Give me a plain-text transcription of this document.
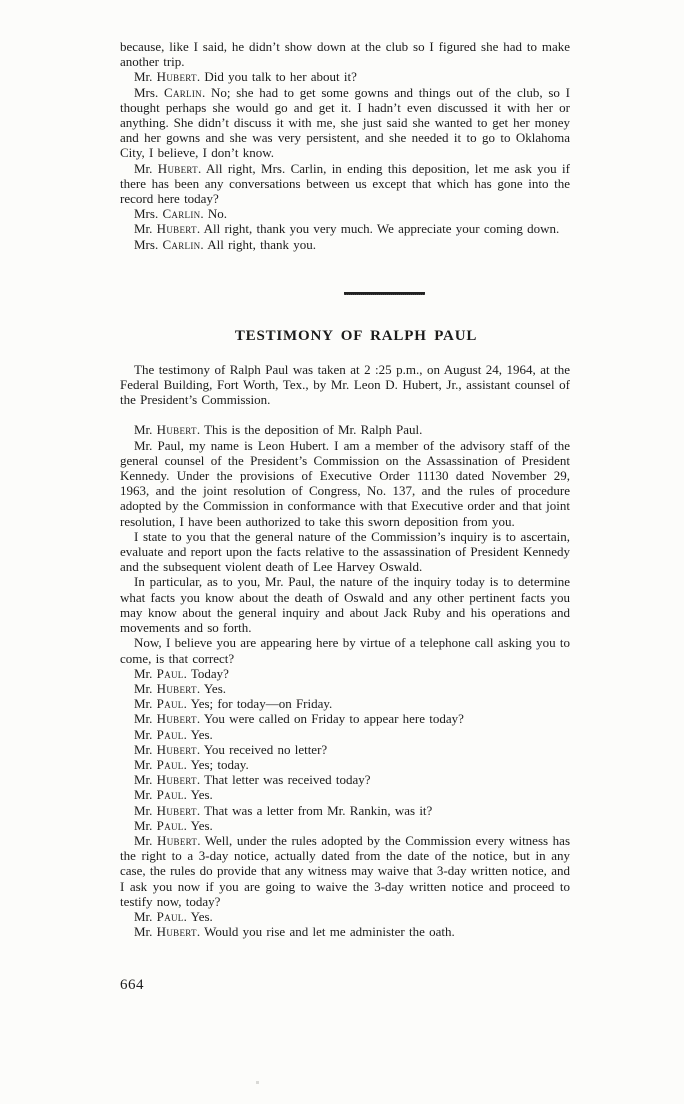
because, like I said, he didn’t show down at the club so I figured she had to make another trip.

Mr. Hubert. Did you talk to her about it?

Mrs. Carlin. No; she had to get some gowns and things out of the club, so I thought perhaps she would go and get it. I hadn’t even discussed it with her or anything. She didn’t discuss it with me, she just said she wanted to get her money and her gowns and she was very persistent, and she needed it to go to Oklahoma City, I believe, I don’t know.

Mr. Hubert. All right, Mrs. Carlin, in ending this deposition, let me ask you if there has been any conversations between us except that which has gone into the record here today?

Mrs. Carlin. No.

Mr. Hubert. All right, thank you very much. We appreciate your coming down.

Mrs. Carlin. All right, thank you.

TESTIMONY OF RALPH PAUL

The testimony of Ralph Paul was taken at 2 :25 p.m., on August 24, 1964, at the Federal Building, Fort Worth, Tex., by Mr. Leon D. Hubert, Jr., assistant counsel of the President’s Commission.

Mr. Hubert. This is the deposition of Mr. Ralph Paul.

Mr. Paul, my name is Leon Hubert. I am a member of the advisory staff of the general counsel of the President’s Commission on the Assassination of President Kennedy. Under the provisions of Executive Order 11130 dated November 29, 1963, and the joint resolution of Congress, No. 137, and the rules of procedure adopted by the Commission in conformance with that Executive order and that joint resolution, I have been authorized to take this sworn deposition from you.

I state to you that the general nature of the Commission’s inquiry is to ascertain, evaluate and report upon the facts relative to the assassination of President Kennedy and the subsequent violent death of Lee Harvey Oswald.

In particular, as to you, Mr. Paul, the nature of the inquiry today is to determine what facts you know about the death of Oswald and any other pertinent facts you may know about the general inquiry and about Jack Ruby and his operations and movements and so forth.

Now, I believe you are appearing here by virtue of a telephone call asking you to come, is that correct?

Mr. Paul. Today?

Mr. Hubert. Yes.

Mr. Paul. Yes; for today—on Friday.

Mr. Hubert. You were called on Friday to appear here today?

Mr. Paul. Yes.

Mr. Hubert. You received no letter?

Mr. Paul. Yes; today.

Mr. Hubert. That letter was received today?

Mr. Paul. Yes.

Mr. Hubert. That was a letter from Mr. Rankin, was it?

Mr. Paul. Yes.

Mr. Hubert. Well, under the rules adopted by the Commission every witness has the right to a 3-day notice, actually dated from the date of the notice, but in any case, the rules do provide that any witness may waive that 3-day written notice, and I ask you now if you are going to waive the 3-day written notice and proceed to testify now, today?

Mr. Paul. Yes.

Mr. Hubert. Would you rise and let me administer the oath.

664
